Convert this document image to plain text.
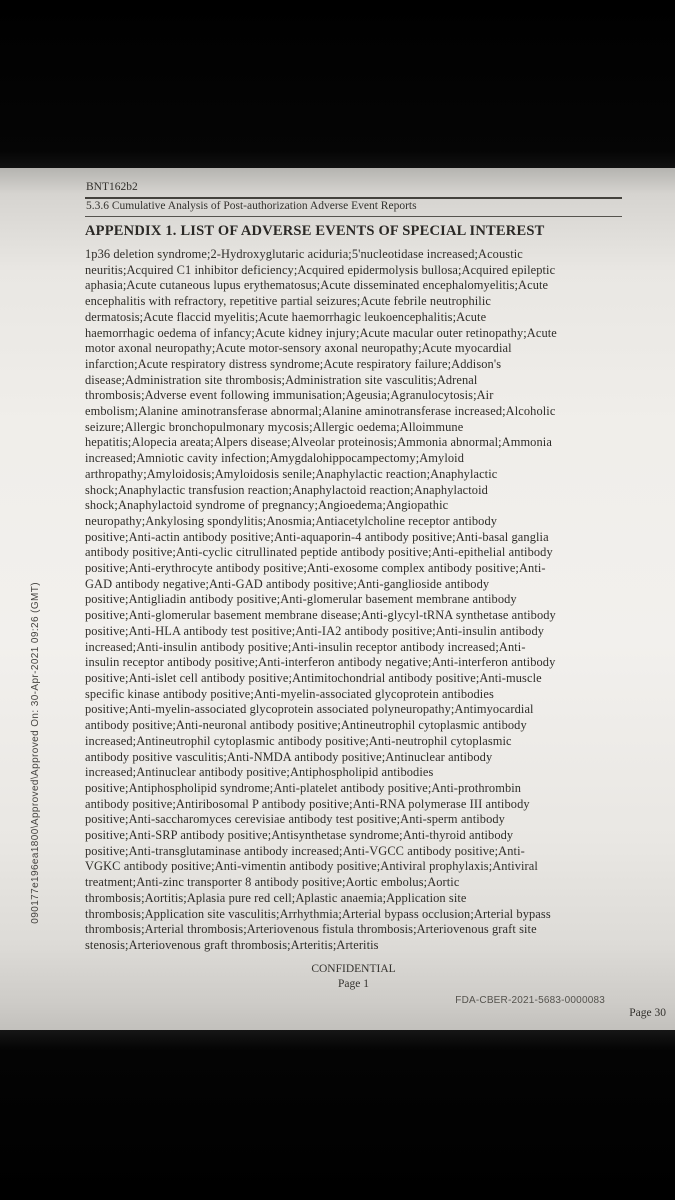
090177e196ea1800\Approved\Approved On: 30-Apr-2021 09:26 (GMT)
BNT162b2
5.3.6 Cumulative Analysis of Post-authorization Adverse Event Reports
APPENDIX 1. LIST OF ADVERSE EVENTS OF SPECIAL INTEREST
1p36 deletion syndrome;2-Hydroxyglutaric aciduria;5'nucleotidase increased;Acoustic
neuritis;Acquired C1 inhibitor deficiency;Acquired epidermolysis bullosa;Acquired epileptic
aphasia;Acute cutaneous lupus erythematosus;Acute disseminated encephalomyelitis;Acute
encephalitis with refractory, repetitive partial seizures;Acute febrile neutrophilic
dermatosis;Acute flaccid myelitis;Acute haemorrhagic leukoencephalitis;Acute
haemorrhagic oedema of infancy;Acute kidney injury;Acute macular outer retinopathy;Acute
motor axonal neuropathy;Acute motor-sensory axonal neuropathy;Acute myocardial
infarction;Acute respiratory distress syndrome;Acute respiratory failure;Addison's
disease;Administration site thrombosis;Administration site vasculitis;Adrenal
thrombosis;Adverse event following immunisation;Ageusia;Agranulocytosis;Air
embolism;Alanine aminotransferase abnormal;Alanine aminotransferase increased;Alcoholic
seizure;Allergic bronchopulmonary mycosis;Allergic oedema;Alloimmune
hepatitis;Alopecia areata;Alpers disease;Alveolar proteinosis;Ammonia abnormal;Ammonia
increased;Amniotic cavity infection;Amygdalohippocampectomy;Amyloid
arthropathy;Amyloidosis;Amyloidosis senile;Anaphylactic reaction;Anaphylactic
shock;Anaphylactic transfusion reaction;Anaphylactoid reaction;Anaphylactoid
shock;Anaphylactoid syndrome of pregnancy;Angioedema;Angiopathic
neuropathy;Ankylosing spondylitis;Anosmia;Antiacetylcholine receptor antibody
positive;Anti-actin antibody positive;Anti-aquaporin-4 antibody positive;Anti-basal ganglia
antibody positive;Anti-cyclic citrullinated peptide antibody positive;Anti-epithelial antibody
positive;Anti-erythrocyte antibody positive;Anti-exosome complex antibody positive;Anti-
GAD antibody negative;Anti-GAD antibody positive;Anti-ganglioside antibody
positive;Antigliadin antibody positive;Anti-glomerular basement membrane antibody
positive;Anti-glomerular basement membrane disease;Anti-glycyl-tRNA synthetase antibody
positive;Anti-HLA antibody test positive;Anti-IA2 antibody positive;Anti-insulin antibody
increased;Anti-insulin antibody positive;Anti-insulin receptor antibody increased;Anti-
insulin receptor antibody positive;Anti-interferon antibody negative;Anti-interferon antibody
positive;Anti-islet cell antibody positive;Antimitochondrial antibody positive;Anti-muscle
specific kinase antibody positive;Anti-myelin-associated glycoprotein antibodies
positive;Anti-myelin-associated glycoprotein associated polyneuropathy;Antimyocardial
antibody positive;Anti-neuronal antibody positive;Antineutrophil cytoplasmic antibody
increased;Antineutrophil cytoplasmic antibody positive;Anti-neutrophil cytoplasmic
antibody positive vasculitis;Anti-NMDA antibody positive;Antinuclear antibody
increased;Antinuclear antibody positive;Antiphospholipid antibodies
positive;Antiphospholipid syndrome;Anti-platelet antibody positive;Anti-prothrombin
antibody positive;Antiribosomal P antibody positive;Anti-RNA polymerase III antibody
positive;Anti-saccharomyces cerevisiae antibody test positive;Anti-sperm antibody
positive;Anti-SRP antibody positive;Antisynthetase syndrome;Anti-thyroid antibody
positive;Anti-transglutaminase antibody increased;Anti-VGCC antibody positive;Anti-
VGKC antibody positive;Anti-vimentin antibody positive;Antiviral prophylaxis;Antiviral
treatment;Anti-zinc transporter 8 antibody positive;Aortic embolus;Aortic
thrombosis;Aortitis;Aplasia pure red cell;Aplastic anaemia;Application site
thrombosis;Application site vasculitis;Arrhythmia;Arterial bypass occlusion;Arterial bypass
thrombosis;Arterial thrombosis;Arteriovenous fistula thrombosis;Arteriovenous graft site
stenosis;Arteriovenous graft thrombosis;Arteritis;Arteritis
CONFIDENTIAL
Page 1
FDA-CBER-2021-5683-0000083
Page 30
